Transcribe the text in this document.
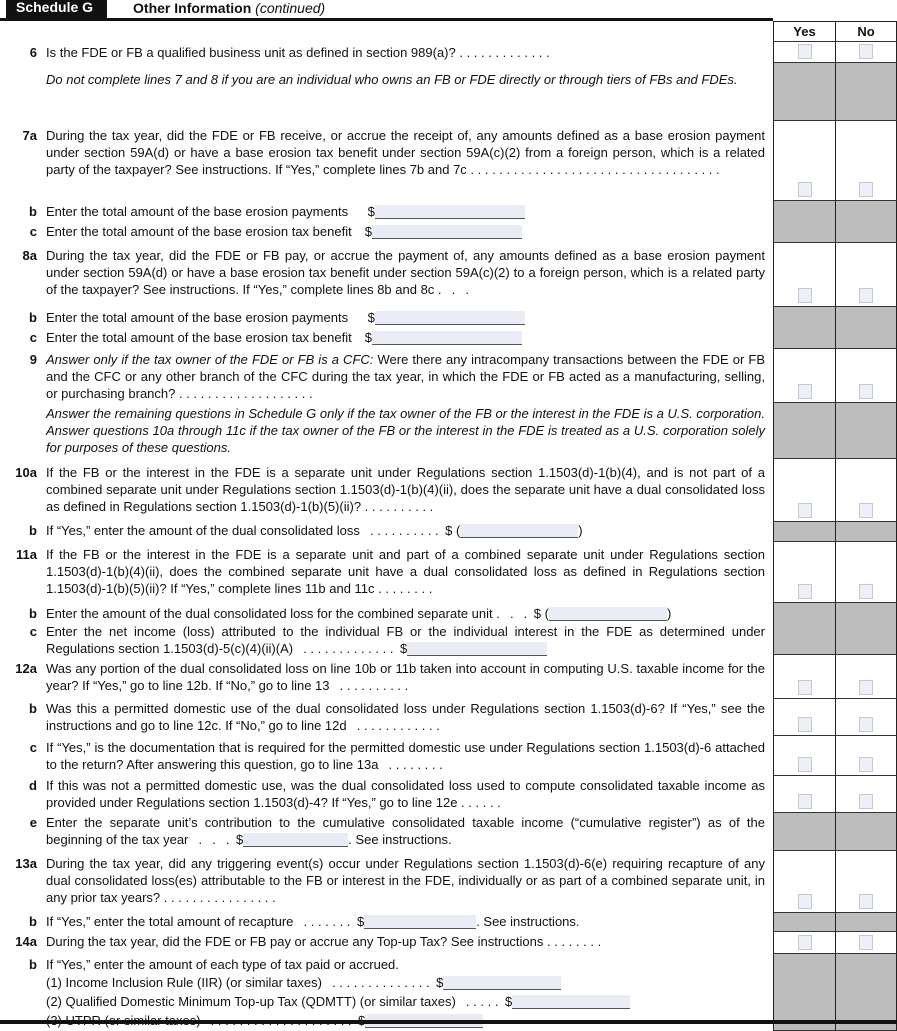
Schedule G	Other Information (continued)
Yes	No
6 Is the FDE or FB a qualified business unit as defined in section 989(a)? . . . . . . . . . . . . .

Do not complete lines 7 and 8 if you are an individual who owns an FB or FDE directly or through tiers of FBs and FDEs.

7a During the tax year, did the FDE or FB receive, or accrue the receipt of, any amounts defined as a base erosion payment under section 59A(d) or have a base erosion tax benefit under section 59A(c)(2) from a foreign person, which is a related party of the taxpayer? See instructions. If “Yes,” complete lines 7b and 7c . . . . . . . . . . . . . . . . . . . . . . . . . . . . . . . . . . .

b Enter the total amount of the base erosion payments   $

c Enter the total amount of the base erosion tax benefit  $

8a During the tax year, did the FDE or FB pay, or accrue the payment of, any amounts defined as a base erosion payment under section 59A(d) or have a base erosion tax benefit under section 59A(c)(2) to a foreign person, which is a related party of the taxpayer? See instructions. If “Yes,” complete lines 8b and 8c .  .  .

b Enter the total amount of the base erosion payments   $

c Enter the total amount of the base erosion tax benefit  $

9 Answer only if the tax owner of the FDE or FB is a CFC: Were there any intracompany transactions between the FDE or FB and the CFC or any other branch of the CFC during the tax year, in which the FDE or FB acted as a manufacturing, selling, or purchasing branch? . . . . . . . . . . . . . . . . . . .

Answer the remaining questions in Schedule G only if the tax owner of the FB or the interest in the FDE is a U.S. corporation. Answer questions 10a through 11c if the tax owner of the FB or the interest in the FDE is treated as a U.S. corporation solely for purposes of these questions.

10a If the FB or the interest in the FDE is a separate unit under Regulations section 1.1503(d)-1(b)(4), and is not part of a combined separate unit under Regulations section 1.1503(d)-1(b)(4)(ii), does the separate unit have a dual consolidated loss as defined in Regulations section 1.1503(d)-1(b)(5)(ii)? . . . . . . . . . .

b If “Yes,” enter the amount of the dual consolidated loss  . . . . . . . . . . $ (	)

11a If the FB or the interest in the FDE is a separate unit and part of a combined separate unit under Regulations section 1.1503(d)-1(b)(4)(ii), does the combined separate unit have a dual consolidated loss as defined in Regulations section 1.1503(d)-1(b)(5)(ii)? If “Yes,” complete lines 11b and 11c . . . . . . . .

b Enter the amount of the dual consolidated loss for the combined separate unit .  .  . $ (	)

c Enter the net income (loss) attributed to the individual FB or the individual interest in the FDE as determined under Regulations section 1.1503(d)-5(c)(4)(ii)(A)  . . . . . . . . . . . . . $

12a Was any portion of the dual consolidated loss on line 10b or 11b taken into account in computing U.S. taxable income for the year? If “Yes,” go to line 12b. If “No,” go to line 13  . . . . . . . . . .

b Was this a permitted domestic use of the dual consolidated loss under Regulations section 1.1503(d)-6? If “Yes,” see the instructions and go to line 12c. If “No,” go to line 12d  . . . . . . . . . . . .

c If “Yes,” is the documentation that is required for the permitted domestic use under Regulations section 1.1503(d)-6 attached to the return? After answering this question, go to line 13a  . . . . . . . .

d If this was not a permitted domestic use, was the dual consolidated loss used to compute consolidated taxable income as provided under Regulations section 1.1503(d)-4? If “Yes,” go to line 12e . . . . . .

e Enter the separate unit’s contribution to the cumulative consolidated taxable income (“cumulative register”) as of the beginning of the tax year  .  .  . $	. See instructions.

13a During the tax year, did any triggering event(s) occur under Regulations section 1.1503(d)-6(e) requiring recapture of any dual consolidated loss(es) attributable to the FB or interest in the FDE, individually or as part of a combined separate unit, in any prior tax years? . . . . . . . . . . . . . . . .

b If “Yes,” enter the total amount of recapture  . . . . . . . $	. See instructions.

14a During the tax year, did the FDE or FB pay or accrue any Top-up Tax? See instructions . . . . . . . .

b If “Yes,” enter the amount of each type of tax paid or accrued.

(1) Income Inclusion Rule (IIR) (or similar taxes)  . . . . . . . . . . . . . . $

(2) Qualified Domestic Minimum Top-up Tax (QDMTT) (or similar taxes)  . . . . . $
